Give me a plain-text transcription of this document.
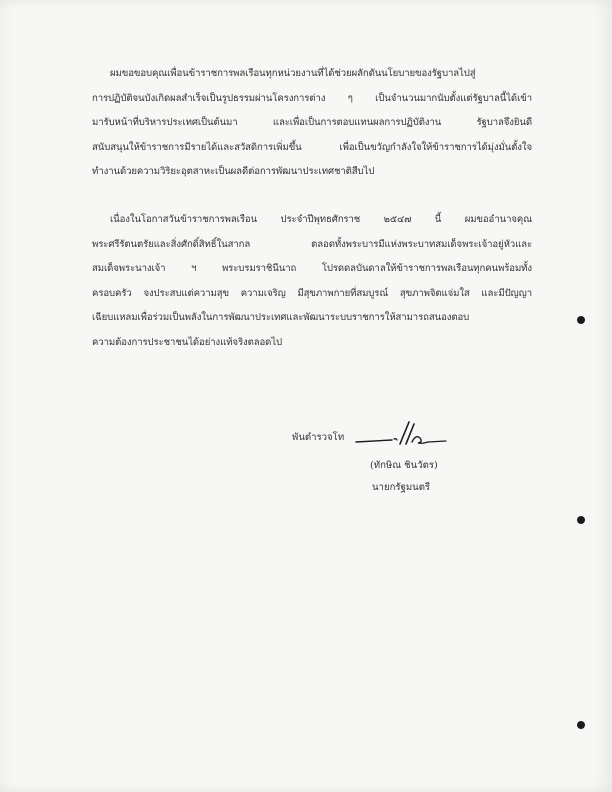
ผมขอขอบคุณเพื่อนข้าราชการพลเรือนทุกหน่วยงานที่ได้ช่วยผลักดันนโยบายของรัฐบาลไปสู่
การปฏิบัติจนบังเกิดผลสำเร็จเป็นรูปธรรมผ่านโครงการต่าง ๆ เป็นจำนวนมากนับตั้งแต่รัฐบาลนี้ได้เข้า
มารับหน้าที่บริหารประเทศเป็นต้นมา และเพื่อเป็นการตอบแทนผลการปฏิบัติงาน รัฐบาลจึงยินดี
สนับสนุนให้ข้าราชการมีรายได้และสวัสดิการเพิ่มขึ้น เพื่อเป็นขวัญกำลังใจให้ข้าราชการได้มุ่งมั่นตั้งใจ
ทำงานด้วยความวิริยะอุตสาหะเป็นผลดีต่อการพัฒนาประเทศชาติสืบไป
เนื่องในโอกาสวันข้าราชการพลเรือน ประจำปีพุทธศักราช ๒๕๔๗ นี้ ผมขออำนาจคุณ
พระศรีรัตนตรัยและสิ่งศักดิ์สิทธิ์ในสากล ตลอดทั้งพระบารมีแห่งพระบาทสมเด็จพระเจ้าอยู่หัวและ
สมเด็จพระนางเจ้า ฯ พระบรมราชินีนาถ โปรดดลบันดาลให้ข้าราชการพลเรือนทุกคนพร้อมทั้ง
ครอบครัว จงประสบแต่ความสุข ความเจริญ มีสุขภาพกายที่สมบูรณ์ สุขภาพจิตแจ่มใส และมีปัญญา
เฉียบแหลมเพื่อร่วมเป็นพลังในการพัฒนาประเทศและพัฒนาระบบราชการให้สามารถสนองตอบ
ความต้องการประชาชนได้อย่างแท้จริงตลอดไป
พันตำรวจโท
(ทักษิณ ชินวัตร)
นายกรัฐมนตรี
